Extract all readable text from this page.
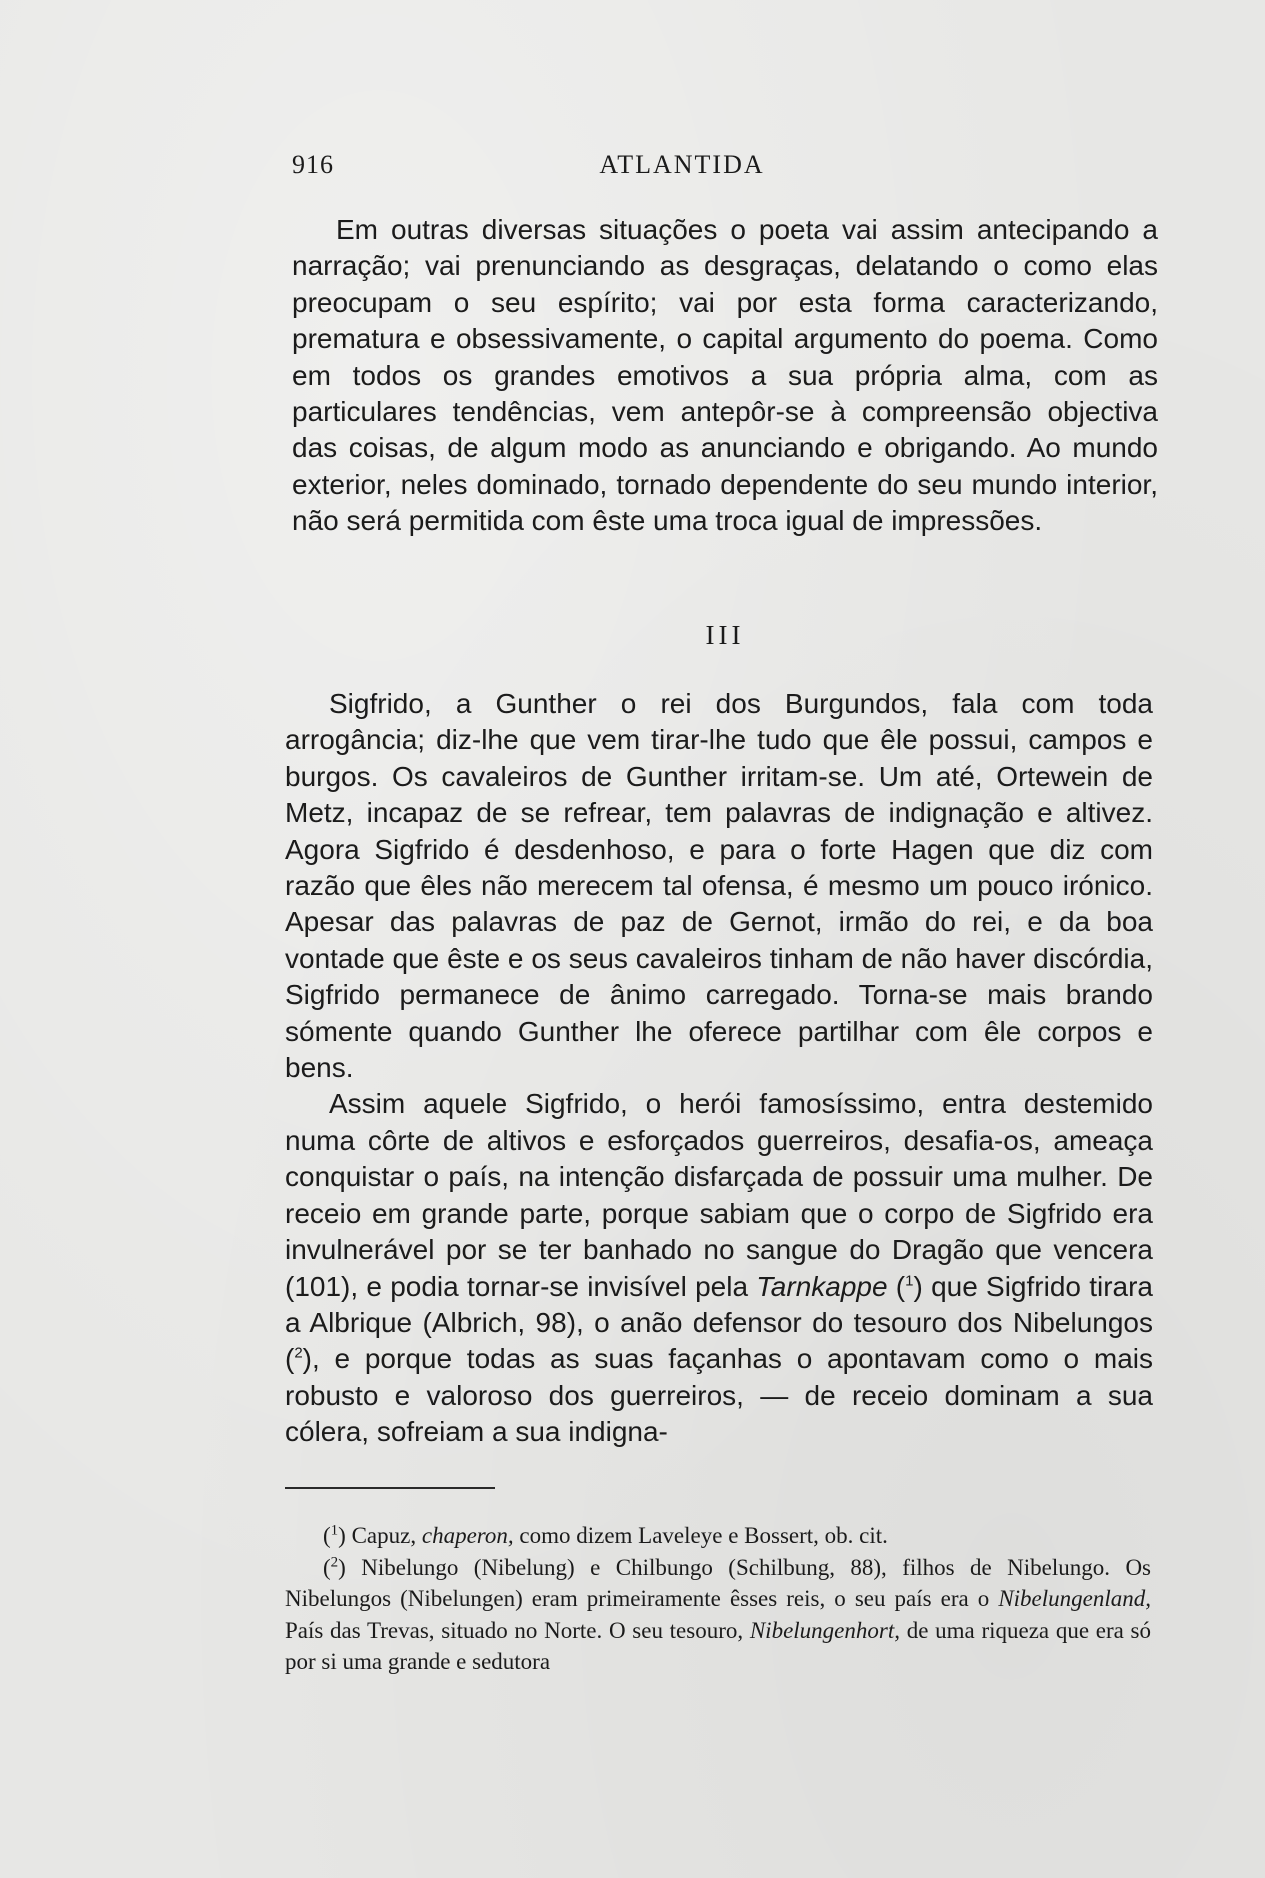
916	ATLANTIDA

Em outras diversas situações o poeta vai assim antecipando a narração; vai prenunciando as desgraças, delatando o como elas preocupam o seu espírito; vai por esta forma caracterizando, prematura e obsessivamente, o capital argumento do poema. Como em todos os grandes emotivos a sua própria alma, com as particulares tendências, vem antepôr-se à compreensão objectiva das coisas, de algum modo as anunciando e obrigando. Ao mundo exterior, neles dominado, tornado dependente do seu mundo interior, não será permitida com êste uma troca igual de impressões.

III

Sigfrido, a Gunther o rei dos Burgundos, fala com toda arrogância; diz-lhe que vem tirar-lhe tudo que êle possui, campos e burgos. Os cavaleiros de Gunther irritam-se. Um até, Ortewein de Metz, incapaz de se refrear, tem palavras de indignação e altivez. Agora Sigfrido é desdenhoso, e para o forte Hagen que diz com razão que êles não merecem tal ofensa, é mesmo um pouco irónico. Apesar das palavras de paz de Gernot, irmão do rei, e da boa vontade que êste e os seus cavaleiros tinham de não haver discórdia, Sigfrido permanece de ânimo carregado. Torna-se mais brando sómente quando Gunther lhe oferece partilhar com êle corpos e bens.

Assim aquele Sigfrido, o herói famosíssimo, entra destemido numa côrte de altivos e esforçados guerreiros, desafia-os, ameaça conquistar o país, na intenção disfarçada de possuir uma mulher. De receio em grande parte, porque sabiam que o corpo de Sigfrido era invulnerável por se ter banhado no sangue do Dragão que vencera (101), e podia tornar-se invisível pela Tarnkappe ($^1$) que Sigfrido tirara a Albrique (Albrich, 98), o anão defensor do tesouro dos Nibelungos ($^2$), e porque todas as suas façanhas o apontavam como o mais robusto e valoroso dos guerreiros, — de receio dominam a sua cólera, sofreiam a sua indigna-

($^1$) Capuz, chaperon, como dizem Laveleye e Bossert, ob. cit.

($^2$) Nibelungo (Nibelung) e Chilbungo (Schilbung, 88), filhos de Nibelungo. Os Nibelungos (Nibelungen) eram primeiramente êsses reis, o seu país era o Nibelungenland, País das Trevas, situado no Norte. O seu tesouro, Nibelungenhort, de uma riqueza que era só por si uma grande e sedutora
